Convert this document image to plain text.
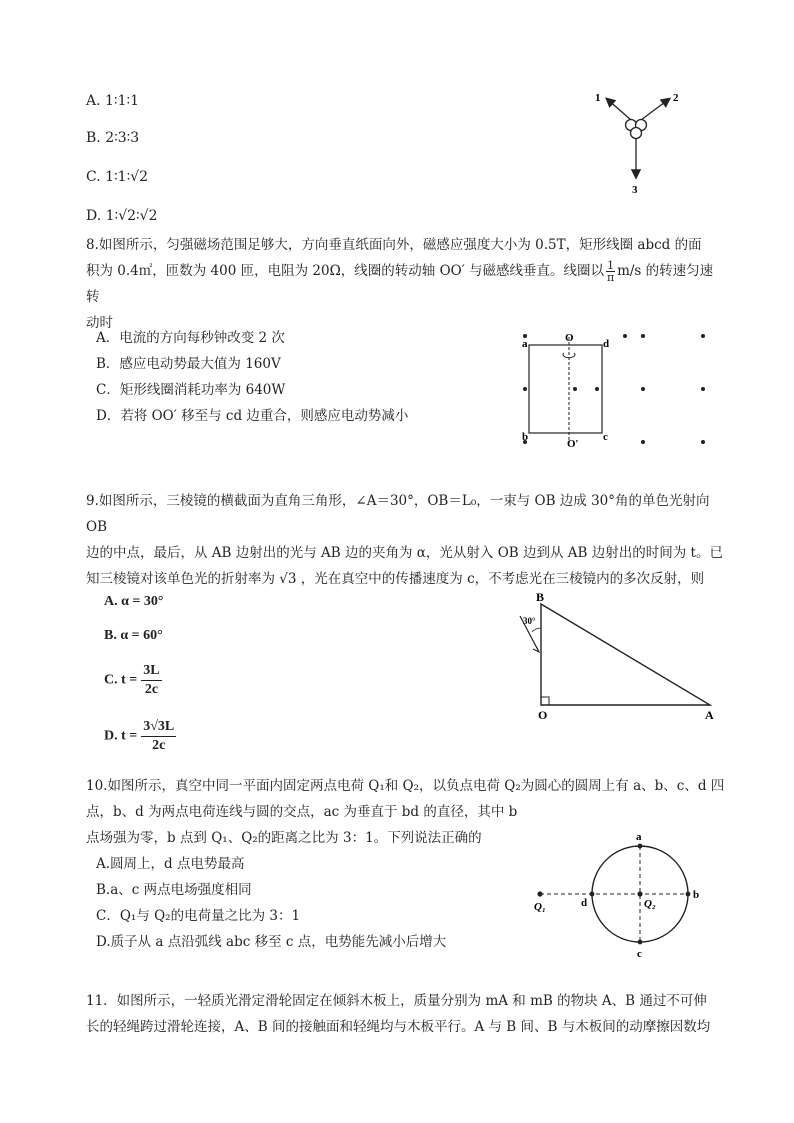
A. 1∶1∶1
B. 2∶3∶3
C. 1∶1∶√2
D. 1∶√2∶√2
1	2
3
8.如图所示，匀强磁场范围足够大，方向垂直纸面向外，磁感应强度大小为 0.5T，矩形线圈 abcd 的面
积为 0.4㎡，匝数为 400 匝，电阻为 20Ω，线圈的转动轴 OO′ 与磁感线垂直。线圈以 $\frac{1}{\pi} m/s$ 的转速匀速转
动时
A．电流的方向每秒钟改变 2 次
B．感应电动势最大值为 160V
C．矩形线圈消耗功率为 640W
D．若将 OO′ 移至与 cd 边重合，则感应电动势减小
a	d
b	c
O
O′
9.如图所示，三棱镜的横截面为直角三角形，∠A＝30°，OB＝L₀，一束与 OB 边成 30°角的单色光射向 OB
边的中点，最后，从 AB 边射出的光与 AB 边的夹角为 α，光从射入 OB 边到从 AB 边射出的时间为 t。已
知三棱镜对该单色光的折射率为 √3 ，光在真空中的传播速度为 c，不考虑光在三棱镜内的多次反射，则
A. α = 30°
B. α = 60°
C. $t = \frac{3L}{2c}$
D. $t = \frac{3√3L}{2c}$
B
O	A
30°
10.如图所示，真空中同一平面内固定两点电荷 Q₁和 Q₂，以负点电荷 Q₂为圆心的圆周上有 a、b、c、d 四
点，b、d 为两点电荷连线与圆的交点，ac 为垂直于 bd 的直径，其中 b
点场强为零，b 点到 Q₁、Q₂的距离之比为 3：1。下列说法正确的
A.圆周上，d 点电势最高
B.a、c 两点电场强度相同
C．Q₁与 Q₂的电荷量之比为 3：1
D.质子从 a 点沿弧线 abc 移至 c 点，电势能先减小后增大
a
b
c
d
Q₁	Q₂
11．如图所示，一轻质光滑定滑轮固定在倾斜木板上，质量分别为 mA 和 mB 的物块 A、B 通过不可伸
长的轻绳跨过滑轮连接，A、B 间的接触面和轻绳均与木板平行。A 与 B 间、B 与木板间的动摩擦因数均
